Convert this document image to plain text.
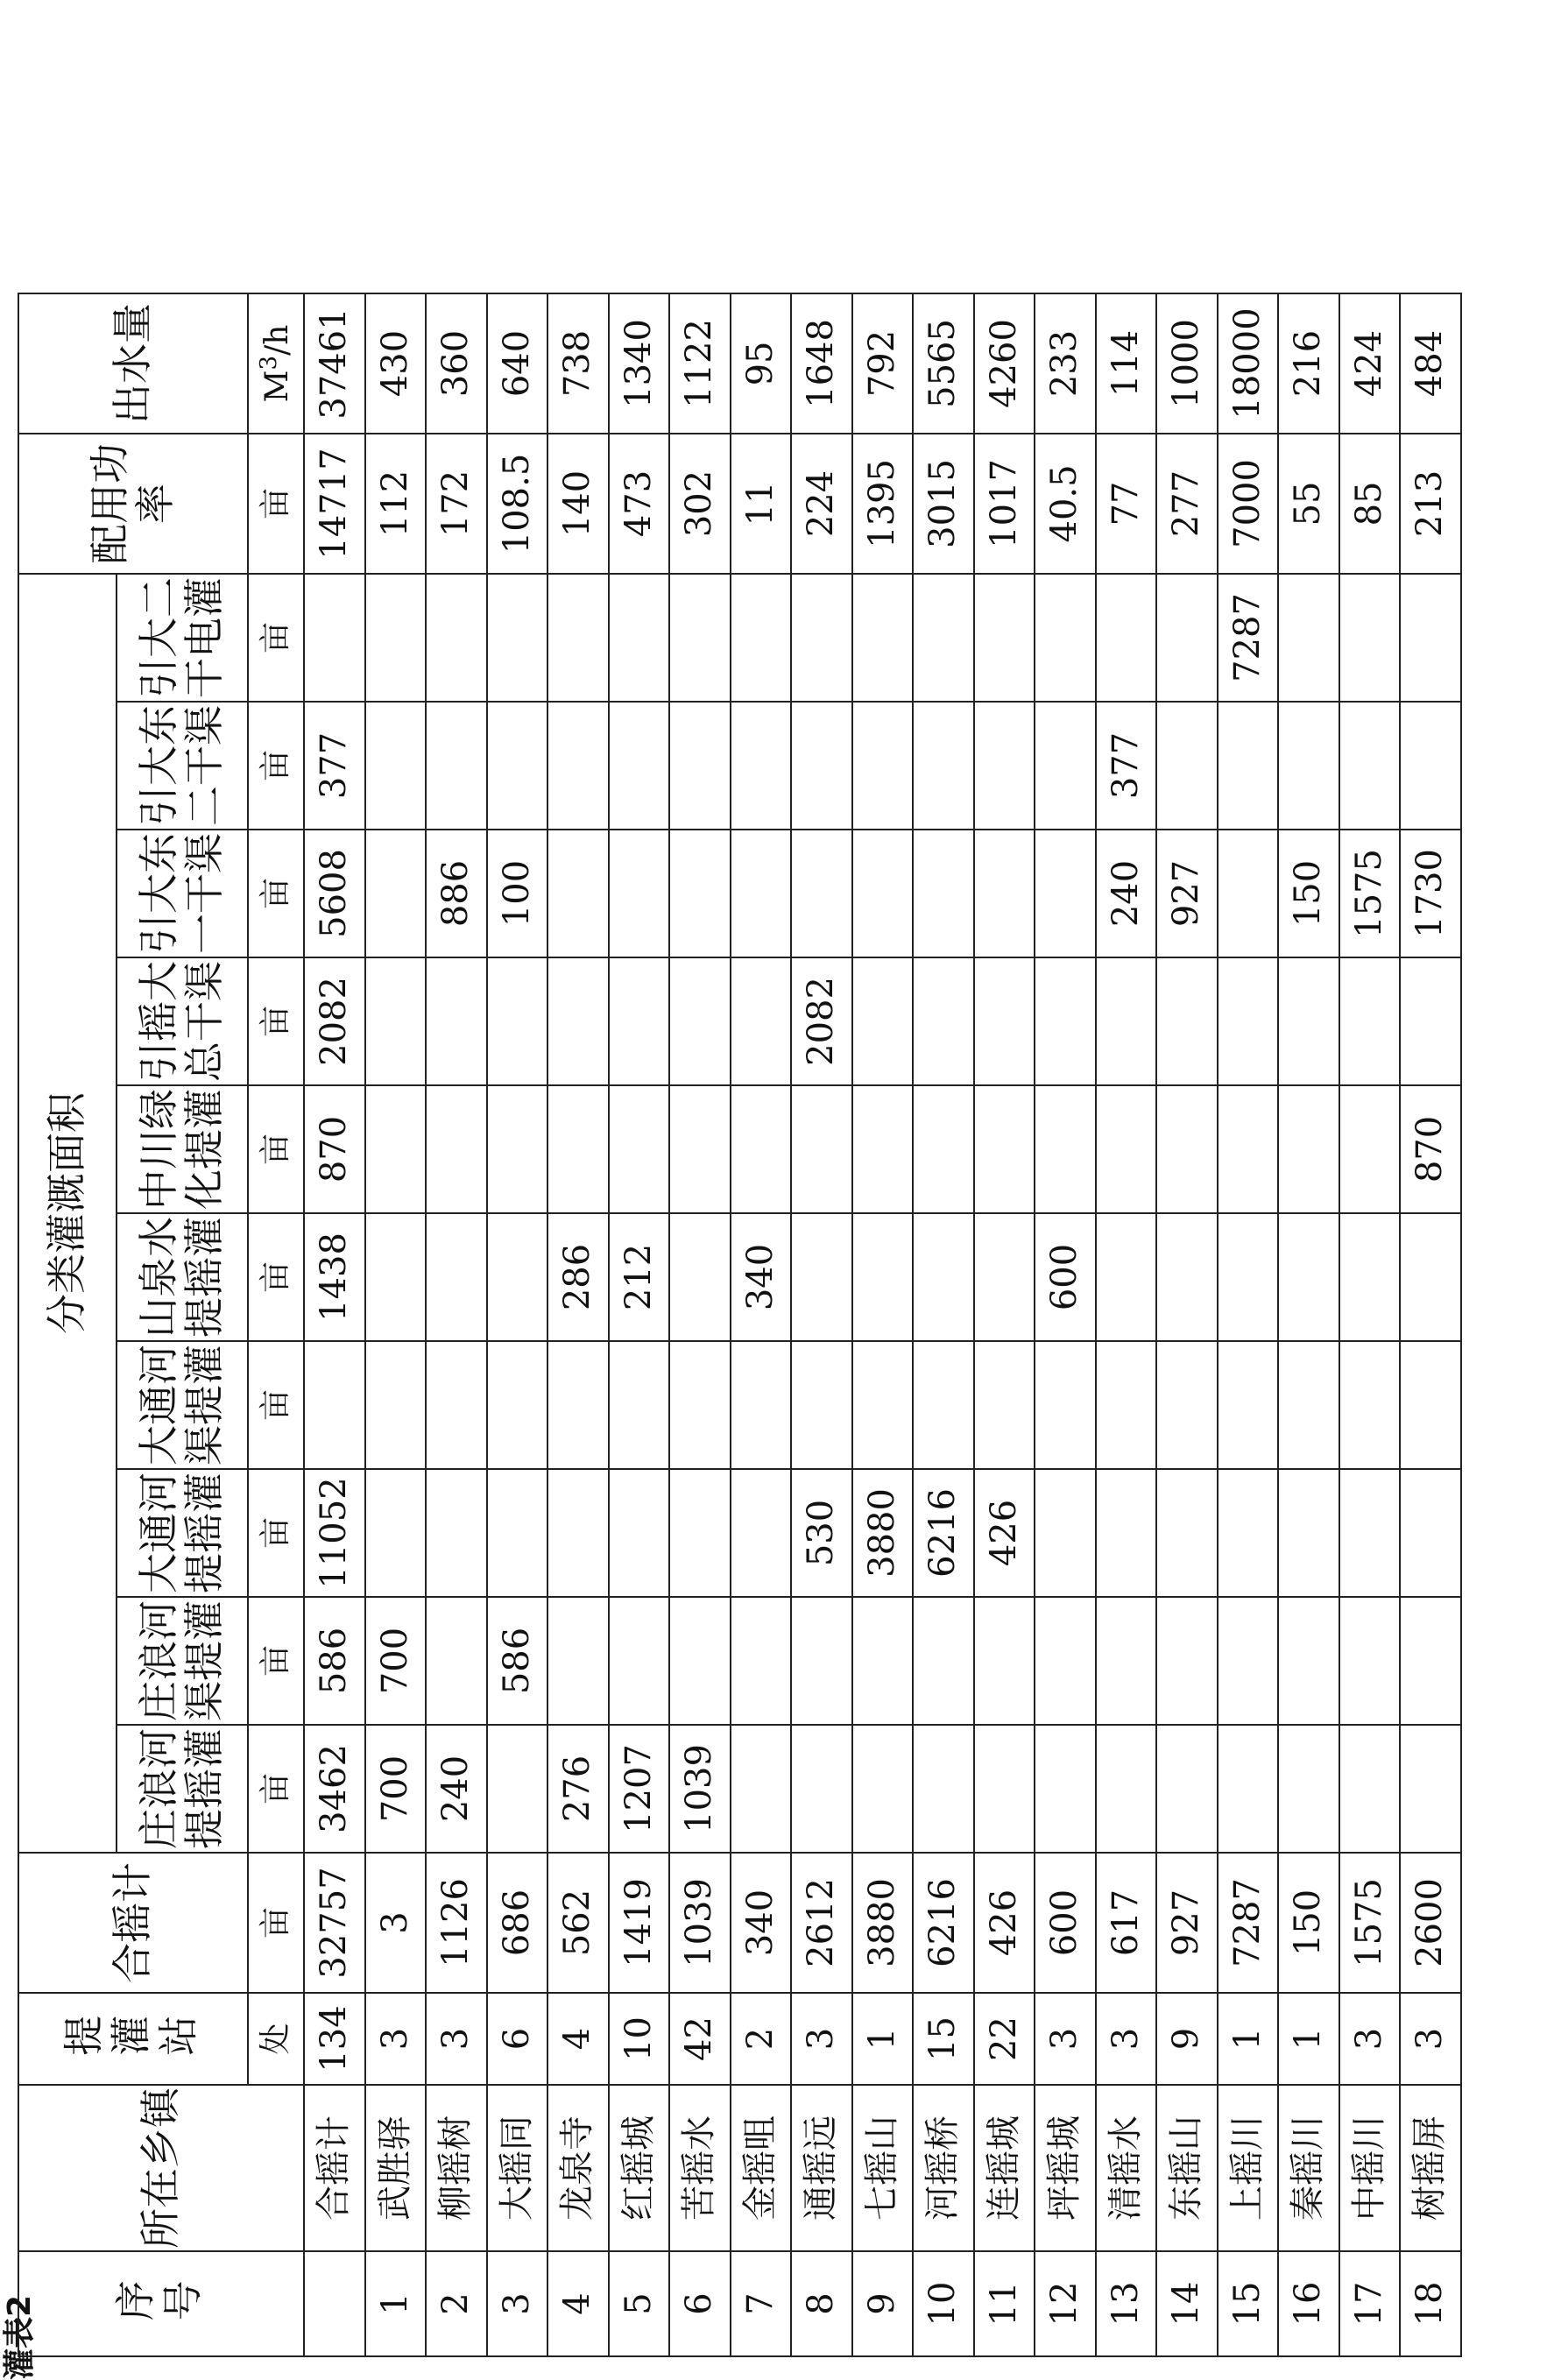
灌表2 序号	所在乡镇	提灌站	合摇计	分类灌溉面积										配用功率	出水量
				庄浪河提摇灌	庄浪河渠提灌	大通河提摇灌	大通河渠提灌	山泉水提摇灌	中川绿化提灌	引摇大总干渠	引大东一干渠	引大东二干渠	引大二干电灌		
		处	亩	亩	亩	亩	亩	亩	亩	亩	亩	亩	亩	亩	$M^3/h$
	合摇计	134	32757	3462	586	11052		1438	870	2082	5608	377		14717	37461
1	武胜驿	3	3	700	700									112	430
2	柳摇树	3	1126	240							886			172	360
3	大摇同	6	686		586						100			108.5	640
4	龙泉寺	4	562	276				286						140	738
5	红摇城	10	1419	1207				212						473	1340
6	苦摇水	42	1039	1039										302	1122
7	金摇咀	2	340					340						11	95
8	通摇远	3	2612			530				2082				224	1648
9	七摇山	1	3880			3880								1395	792
10	河摇桥	15	6216			6216								3015	5565
11	连摇城	22	426			426								1017	4260
12	坪摇城	3	600					600						40.5	233
13	清摇水	3	617								240	377		77	114
14	东摇山	9	927								927			277	1000
15	上摇川	1	7287										7287	7000	18000
16	秦摇川	1	150								150			55	216
17	中摇川	3	1575								1575			85	424
18	树摇屏	3	2600						870		1730			213	484
